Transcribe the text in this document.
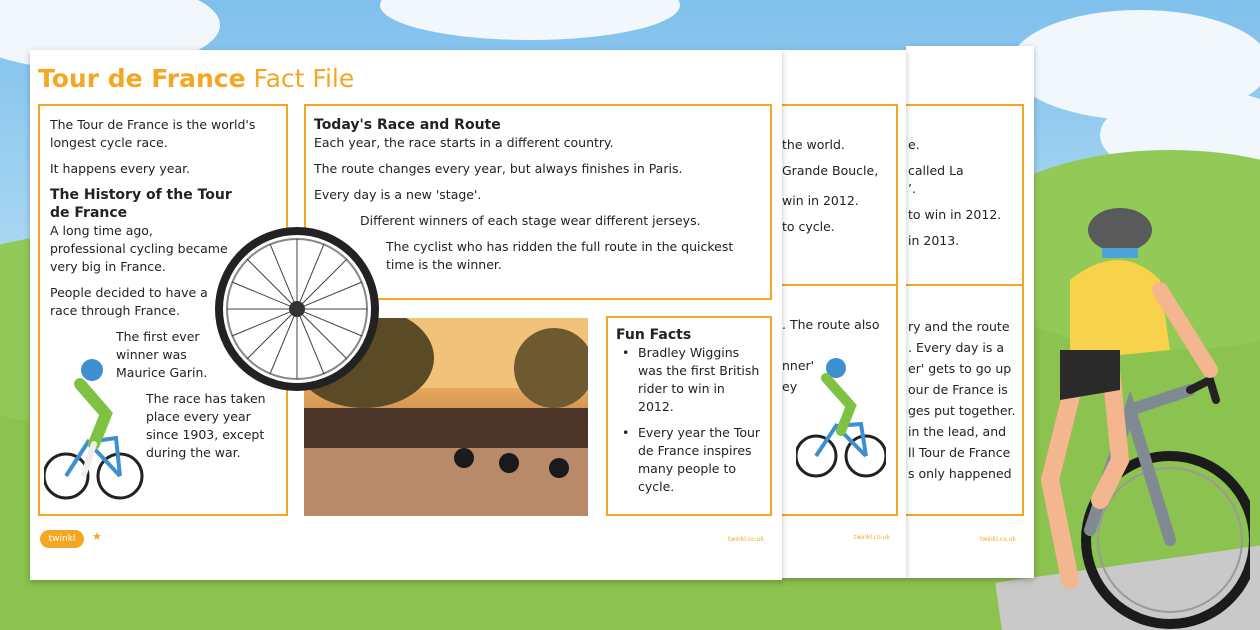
e.
called La
’.
to win in 2012.
in 2013.
ry and the route
. Every day is a
er' gets to go up
our de France is
ges put together.
in the lead, and
ll Tour de France
s only happened
twinkl.co.uk
the world.
Grande Boucle,
win in 2012.
to cycle.
. The route also
nner'
ey
twinkl.co.uk
Tour de France Fact File
The Tour de France is the world's longest cycle race.
It happens every year.
The History of the Tour de France
A long time ago, professional cycling became very big in France.
People decided to have a race through France.
The first ever winner was Maurice Garin.
The race has taken place every year since 1903, except during the war.
Today's Race and Route
Each year, the race starts in a different country.
The route changes every year, but always finishes in Paris.
Every day is a new 'stage'.
Different winners of each stage wear different jerseys.
The cyclist who has ridden the full route in the quickest time is the winner.
Fun Facts
• Bradley Wiggins was the first British rider to win in 2012.
• Every year the Tour de France inspires many people to cycle.
twinkl	★	twinkl.co.uk
